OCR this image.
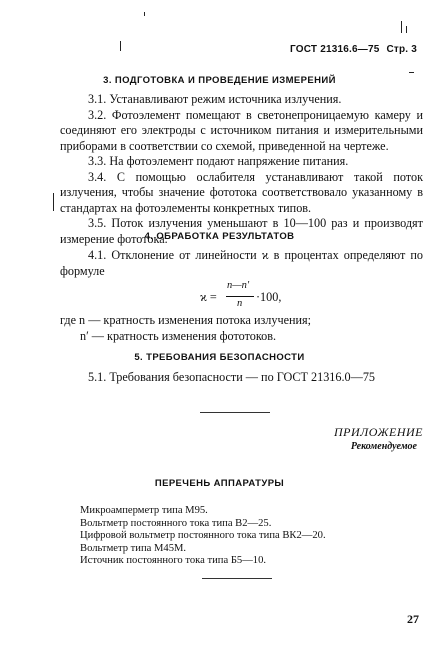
ГОСТ 21316.6—75 Стр. 3
3. ПОДГОТОВКА И ПРОВЕДЕНИЕ ИЗМЕРЕНИЙ
3.1. Устанавливают режим источника излучения.
3.2. Фотоэлемент помещают в светонепроницаемую камеру и соединяют его электроды с источником питания и измерительными приборами в соответствии со схемой, приведенной на чертеже.
3.3. На фотоэлемент подают напряжение питания.
3.4. С помощью ослабителя устанавливают такой поток излучения, чтобы значение фототока соответствовало указанному в стандартах на фотоэлементы конкретных типов.
3.5. Поток излучения уменьшают в 10—100 раз и производят измерение фототока.
4. ОБРАБОТКА РЕЗУЛЬТАТОВ
4.1. Отклонение от линейности ϰ в процентах определяют по формуле
ϰ =
n—n′
n ·100,
где n — кратность изменения потока излучения;
n′ — кратность изменения фототоков.
5. ТРЕБОВАНИЯ БЕЗОПАСНОСТИ
5.1. Требования безопасности — по ГОСТ 21316.0—75
ПРИЛОЖЕНИЕ
Рекомендуемое
ПЕРЕЧЕНЬ АППАРАТУРЫ
Микроамперметр типа М95.
Вольтметр постоянного тока типа В2—25.
Цифровой вольтметр постоянного тока типа ВК2—20.
Вольтметр типа М45М.
Источник постоянного тока типа Б5—10.
27
